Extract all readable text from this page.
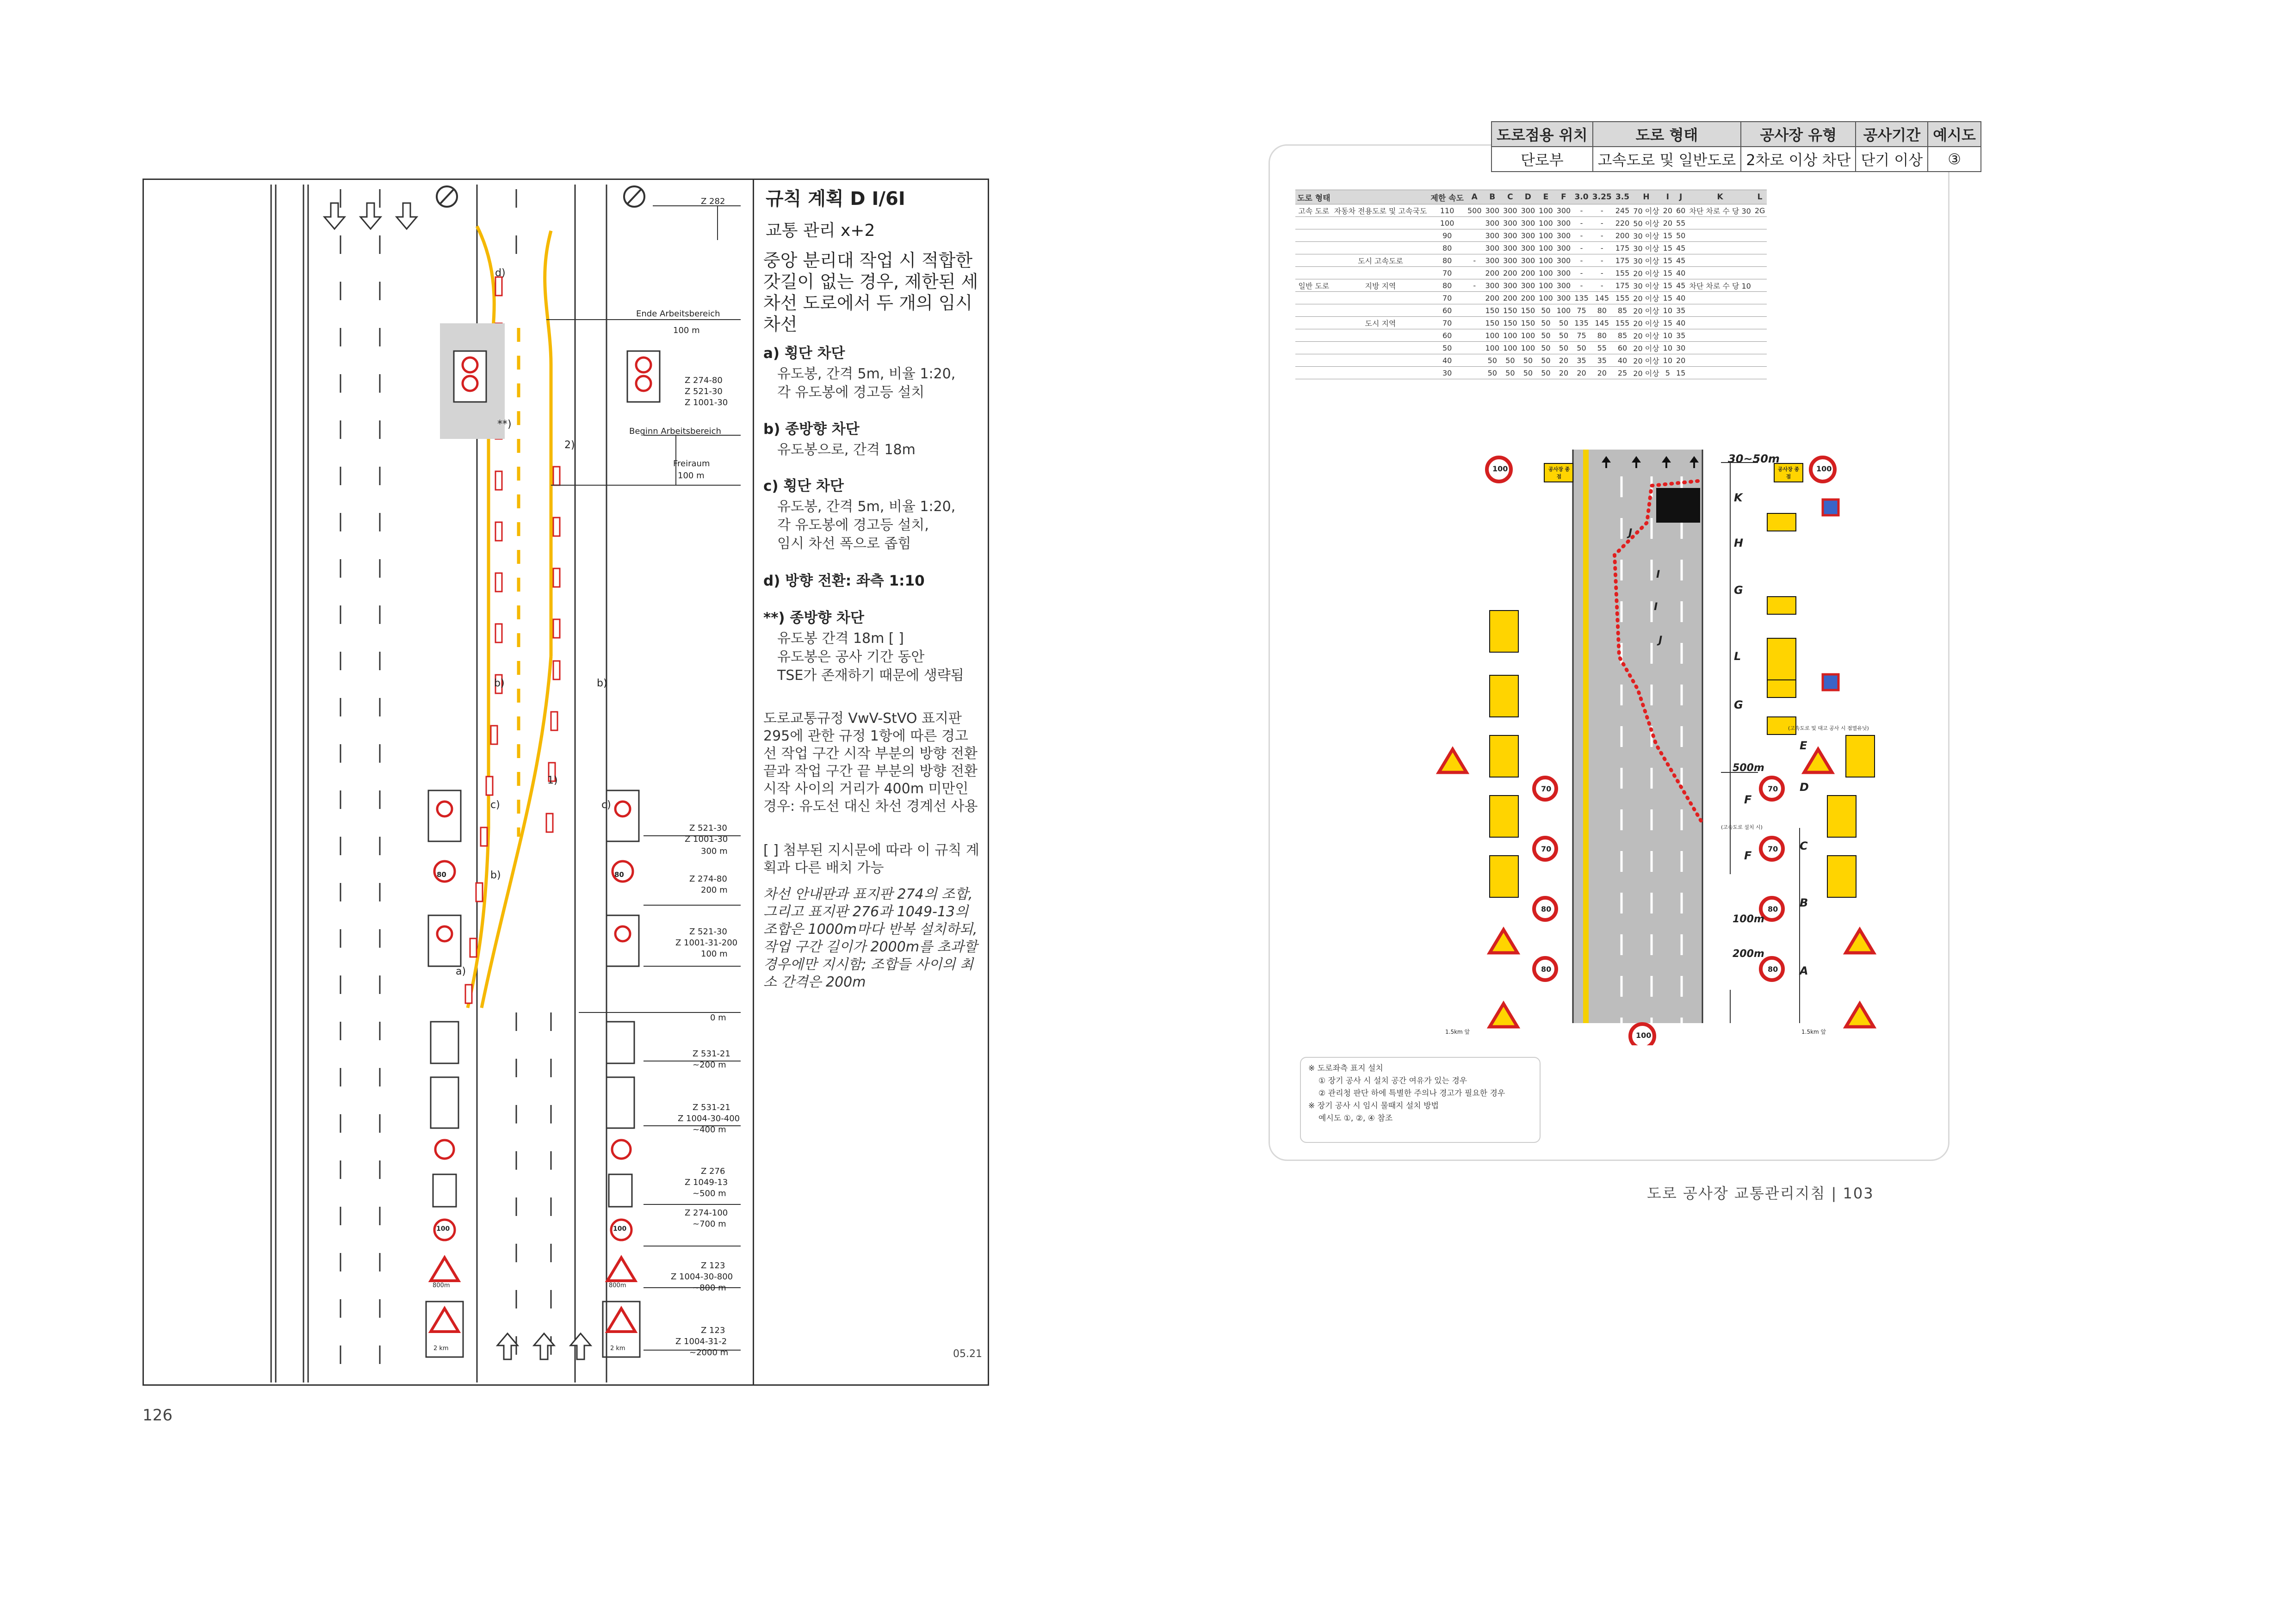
Z 282
Ende Arbeitsbereich
100 m
Z 274-80
Z 521-30
Z 1001-30
Beginn Arbeitsbereich
Freiraum
100 m
Z 521-30
Z 1001-30
300 m
Z 274-80
200 m
Z 521-30
Z 1001-31-200
100 m
0 m
Z 531-21
~200 m
Z 531-21
Z 1004-30-400
~400 m
Z 276
Z 1049-13
~500 m
Z 274-100
~700 m
Z 123
Z 1004-30-800
~800 m
Z 123
Z 1004-31-2
~2000 m
d)
**)
2)
b)	b)
1)
c)	c)
b)
a)
80	80
100	100
800m	800m
2 km	2 km
규칙 계획 D I/6I
교통 관리 x+2
중앙 분리대 작업 시 적합한 갓길이 없는 경우, 제한된 세 차선 도로에서 두 개의 임시 차선
a) 횡단 차단
유도봉, 간격 5m, 비율 1:20,
각 유도봉에 경고등 설치
b) 종방향 차단
유도봉으로, 간격 18m
c) 횡단 차단
유도봉, 간격 5m, 비율 1:20,
각 유도봉에 경고등 설치,
임시 차선 폭으로 좁힘
d) 방향 전환: 좌측 1:10
**) 종방향 차단
유도봉 간격 18m [ ]
유도봉은 공사 기간 동안
TSE가 존재하기 때문에 생략됨
도로교통규정 VwV-StVO 표지판 295에 관한 규정 1항에 따른 경고선 작업 구간 시작 부분의 방향 전환 끝과 작업 구간 끝 부분의 방향 전환 시작 사이의 거리가 400m 미만인 경우: 유도선 대신 차선 경계선 사용
[ ] 첨부된 지시문에 따라 이 규칙 계획과 다른 배치 가능
차선 안내판과 표지판 274의 조합, 그리고 표지판 276과 1049-13의 조합은 1000m마다 반복 설치하되, 작업 구간 길이가 2000m를 초과할 경우에만 지시함; 조합들 사이의 최소 간격은 200m
05.21
126
도로점용 위치	도로 형태	공사장 유형	공사기간	예시도
단로부	고속도로 및 일반도로	2차로 이상 차단	단기 이상	③
도로 형태		제한 속도	A	B	C	D	E	F	3.0	3.25	3.5	H	I	J	K	L
고속 도로	자동차 전용도로 및 고속국도	110	500	300	300	300	100	300	-	-	245	70 이상	20	60	차단 차로 수 당 30	2G
		100		300	300	300	100	300	-	-	220	50 이상	20	55		
		90		300	300	300	100	300	-	-	200	30 이상	15	50		
		80		300	300	300	100	300	-	-	175	30 이상	15	45		
	도시 고속도로	80	-	300	300	300	100	300	-	-	175	30 이상	15	45		
		70		200	200	200	100	300	-	-	155	20 이상	15	40		
일반 도로	지방 지역	80	-	300	300	300	100	300	-	-	175	30 이상	15	45	차단 차로 수 당 10	
		70		200	200	200	100	300	135	145	155	20 이상	15	40		
		60		150	150	150	50	100	75	80	85	20 이상	10	35		
	도시 지역	70		150	150	150	50	50	135	145	155	20 이상	15	40		
		60		100	100	100	50	50	75	80	85	20 이상	10	35		
		50		100	100	100	50	50	50	55	60	20 이상	10	30		
		40		50	50	50	50	20	35	35	40	20 이상	10	20		
		30		50	50	50	50	20	20	20	25	20 이상	5	15		
30~50m
K
H
G
L
G
E
D
C
B
A
F
F
J
J
I
I
500m
100m
200m
100	100
70	70
70	70
80	80
80	80
100
공사장 종 점
공사장 종 점
(고속도로 및 대고 공사 시 점멸유닛)
(고속도로 설치 시)
1.5km 앞	1.5km 앞
※ 도로좌측 표지 설치
① 장기 공사 시 설치 공간 여유가 있는 경우
② 관리청 판단 하에 특별한 주의나 경고가 필요한 경우
※ 장기 공사 시 임시 물때지 설치 방법
예시도 ①, ②, ④ 참조
도로 공사장 교통관리지침 | 103
